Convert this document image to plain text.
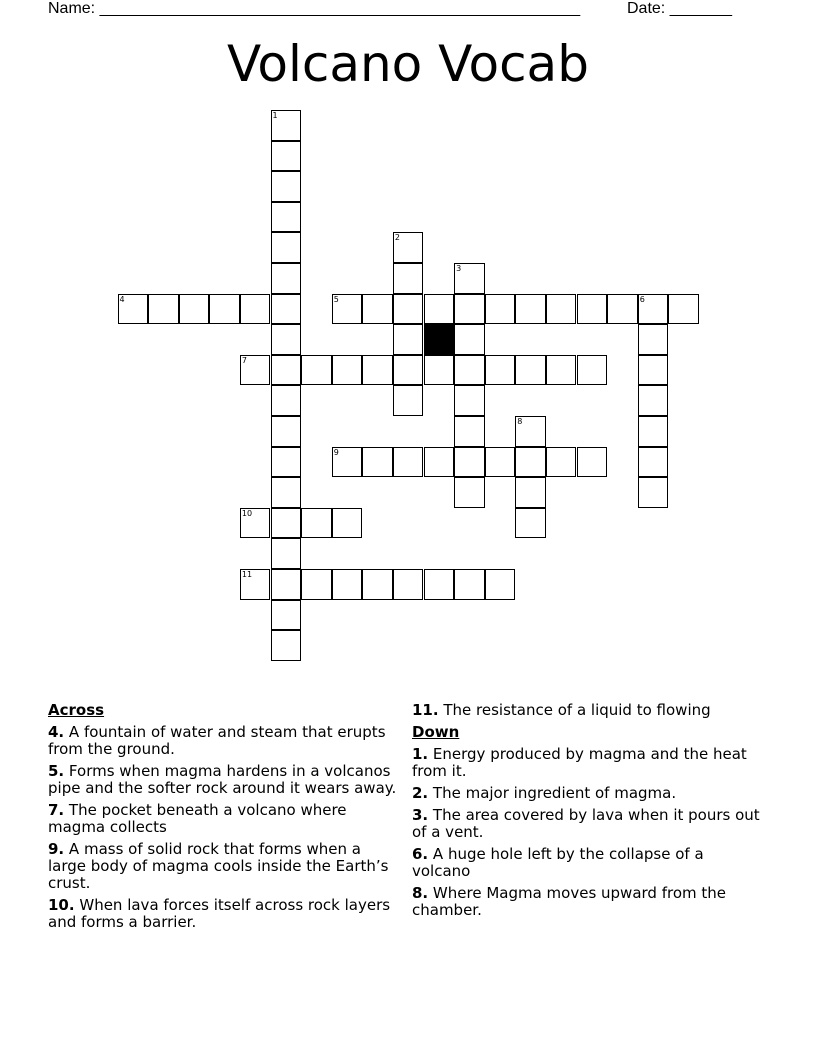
Name: ______________________________________________________	Date: _______
Volcano Vocab
1
2
3
4	5	6
7
8
9
10
11
Across
4. A fountain of water and steam that erupts from the ground.
5. Forms when magma hardens in a volcanos pipe and the softer rock around it wears away.
7. The pocket beneath a volcano where magma collects
9. A mass of solid rock that forms when a large body of magma cools inside the Earth’s crust.
10. When lava forces itself across rock layers and forms a barrier.
11. The resistance of a liquid to flowing
Down
1. Energy produced by magma and the heat from it.
2. The major ingredient of magma.
3. The area covered by lava when it pours out of a vent.
6. A huge hole left by the collapse of a volcano
8. Where Magma moves upward from the chamber.
